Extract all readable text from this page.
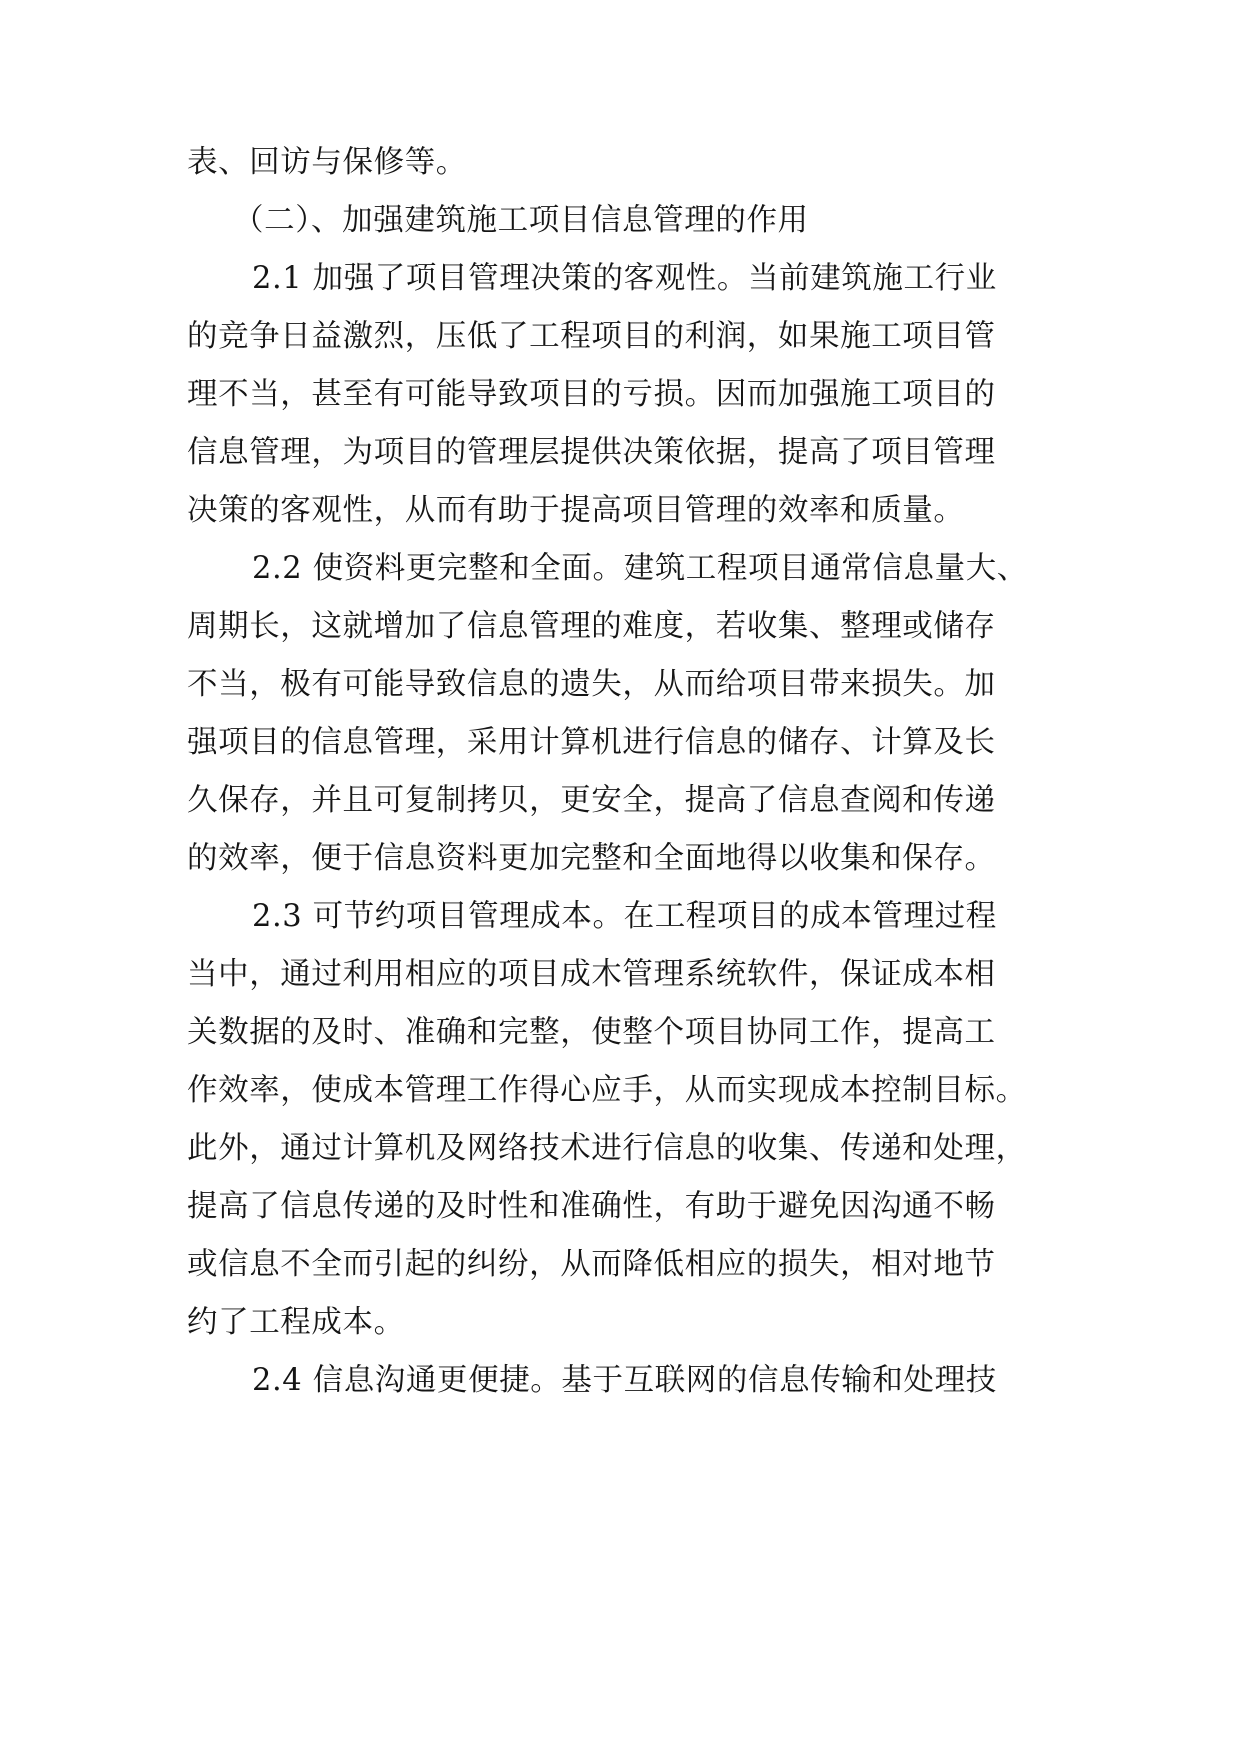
表、回访与保修等。
（二）、加强建筑施工项目信息管理的作用
2.1 加强了项目管理决策的客观性。当前建筑施工行业
的竞争日益激烈，压低了工程项目的利润，如果施工项目管
理不当，甚至有可能导致项目的亏损。因而加强施工项目的
信息管理，为项目的管理层提供决策依据，提高了项目管理
决策的客观性，从而有助于提高项目管理的效率和质量。
2.2 使资料更完整和全面。建筑工程项目通常信息量大、
周期长，这就增加了信息管理的难度，若收集、整理或储存
不当，极有可能导致信息的遗失，从而给项目带来损失。加
强项目的信息管理，采用计算机进行信息的储存、计算及长
久保存，并且可复制拷贝，更安全，提高了信息查阅和传递
的效率，便于信息资料更加完整和全面地得以收集和保存。
2.3 可节约项目管理成本。在工程项目的成本管理过程
当中，通过利用相应的项目成木管理系统软件，保证成本相
关数据的及时、准确和完整，使整个项目协同工作，提高工
作效率，使成本管理工作得心应手，从而实现成本控制目标。
此外，通过计算机及网络技术进行信息的收集、传递和处理，
提高了信息传递的及时性和准确性，有助于避免因沟通不畅
或信息不全而引起的纠纷，从而降低相应的损失，相对地节
约了工程成本。
2.4 信息沟通更便捷。基于互联网的信息传输和处理技
